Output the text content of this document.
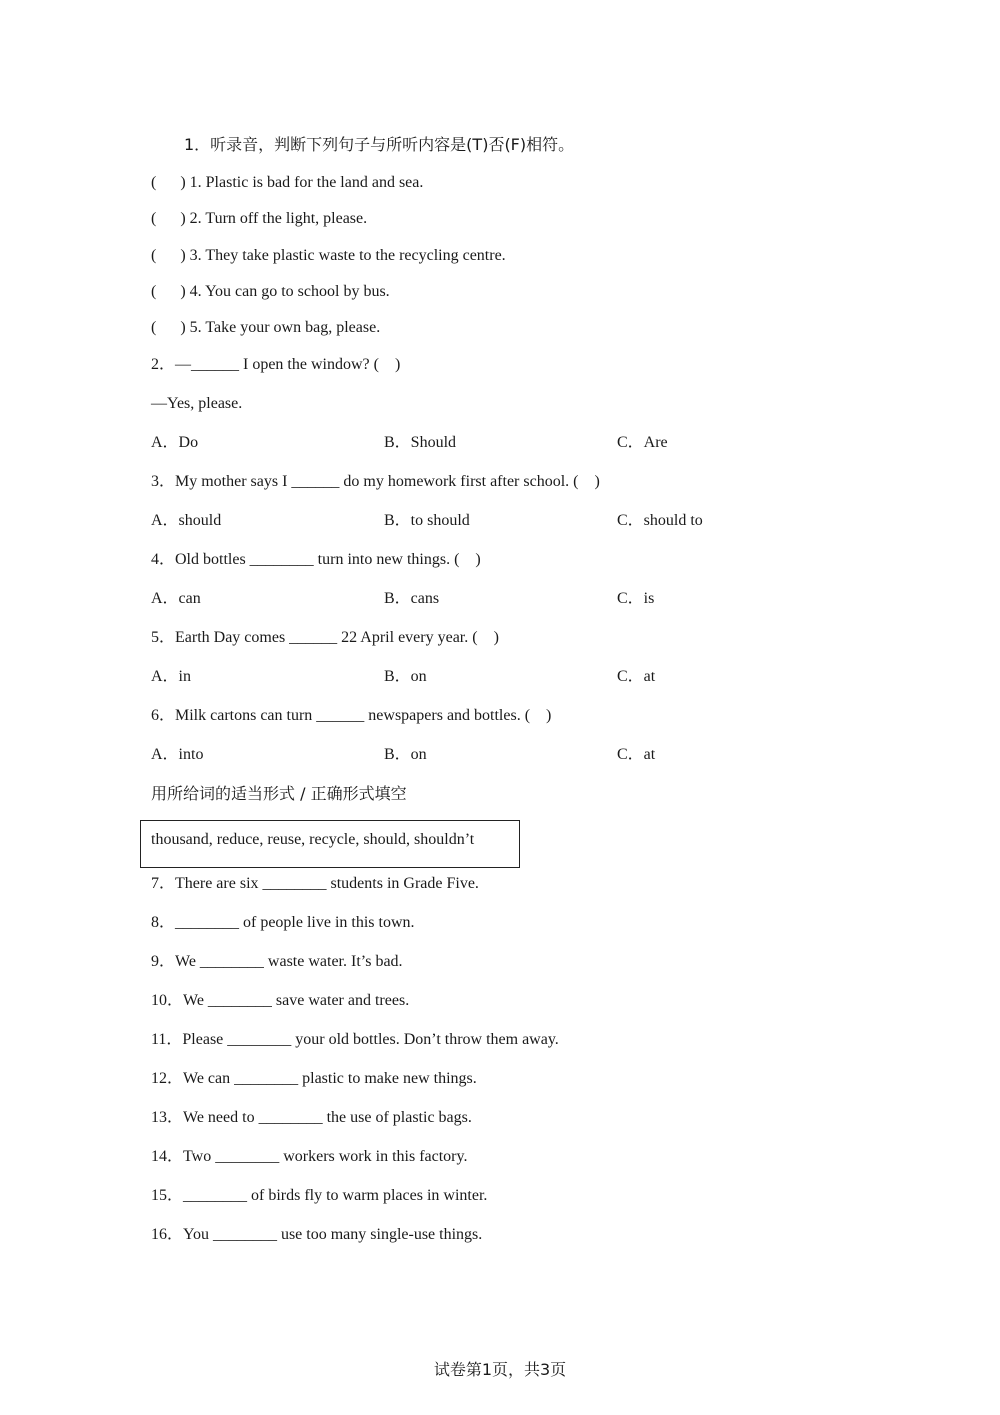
1．听录音，判断下列句子与所听内容是(T)否(F)相符。
(      ) 1. Plastic is bad for the land and sea.
(      ) 2. Turn off the light, please.
(      ) 3. They take plastic waste to the recycling centre.
(      ) 4. You can go to school by bus.
(      ) 5. Take your own bag, please.
2．—______ I open the window? (    )
—Yes, please.
A．Do	B．Should	C．Are
3．My mother says I ______ do my homework first after school. (    )
A．should	B．to should	C．should to
4．Old bottles ________ turn into new things. (    )
A．can	B．cans	C．is
5．Earth Day comes ______ 22 April every year. (    )
A．in	B．on	C．at
6．Milk cartons can turn ______ newspapers and bottles. (    )
A．into	B．on	C．at
用所给词的适当形式 / 正确形式填空
thousand, reduce, reuse, recycle, should, shouldn’t
7．There are six ________ students in Grade Five.
8．________ of people live in this town.
9．We ________ waste water. It’s bad.
10．We ________ save water and trees.
11．Please ________ your old bottles. Don’t throw them away.
12．We can ________ plastic to make new things.
13．We need to ________ the use of plastic bags.
14．Two ________ workers work in this factory.
15．________ of birds fly to warm places in winter.
16．You ________ use too many single-use things.
试卷第1页，共3页
